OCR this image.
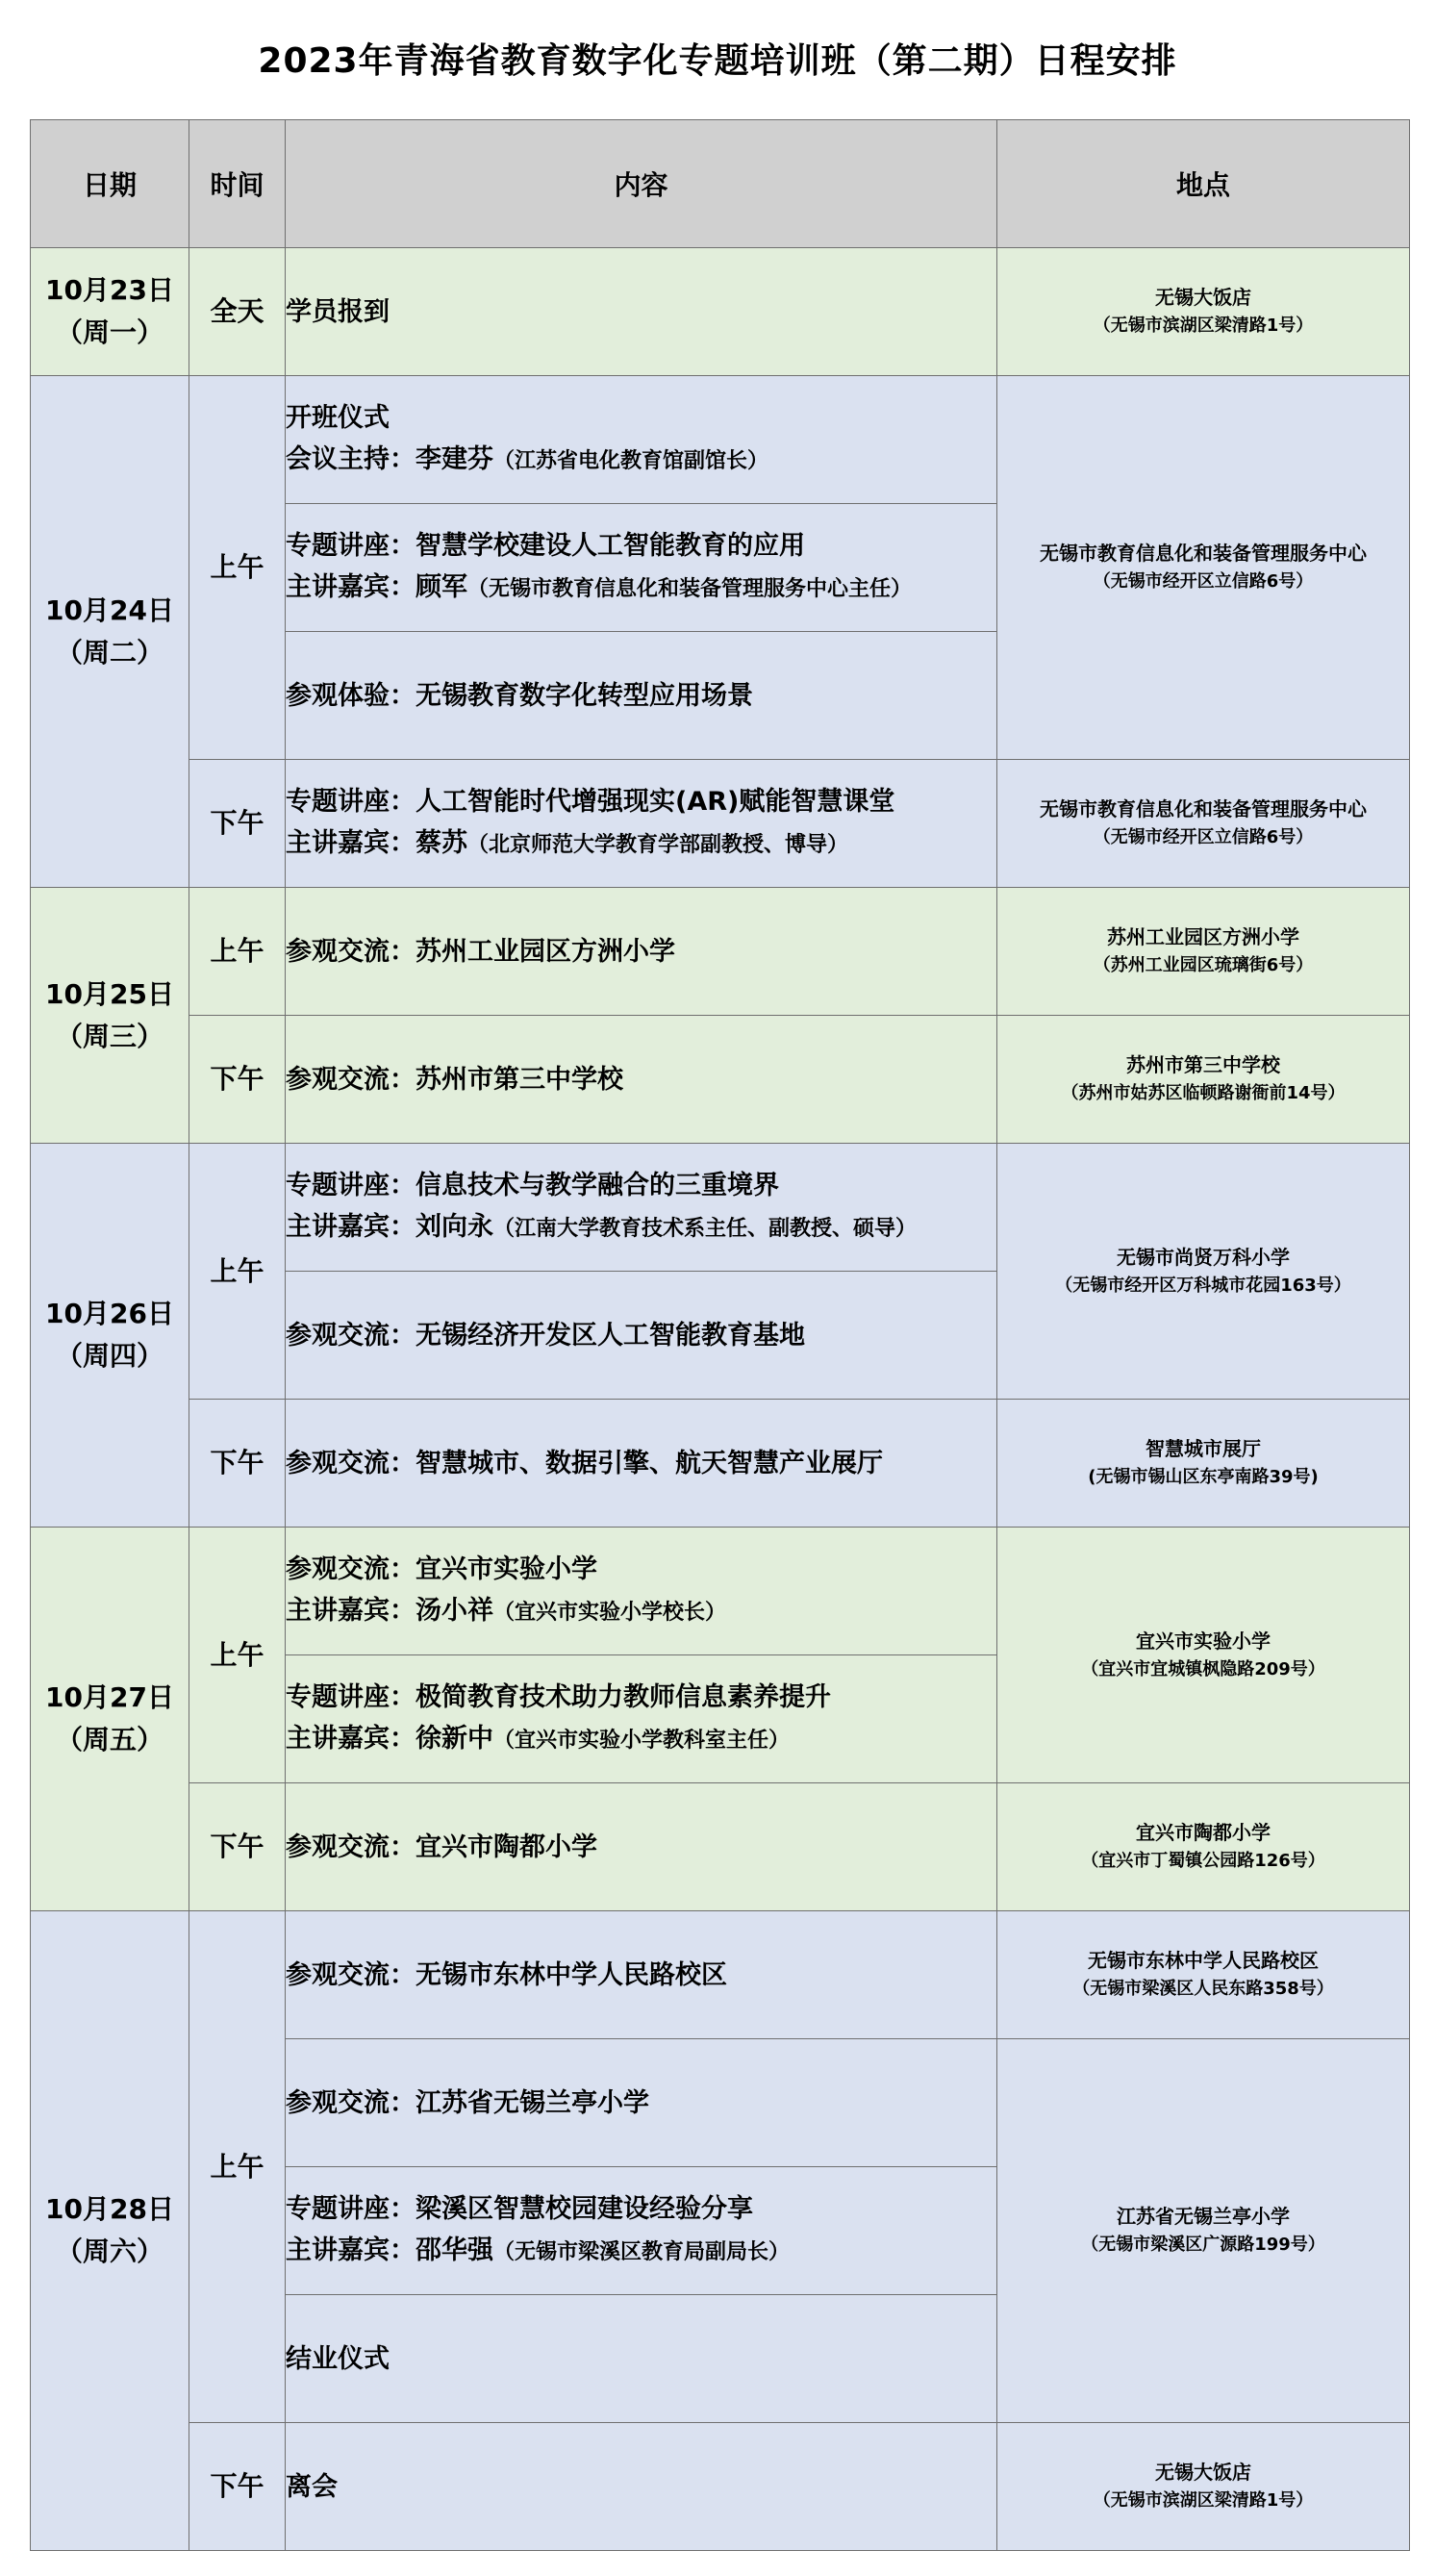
2023年青海省教育数字化专题培训班（第二期）日程安排
日期	时间	内容	地点

10月23日
（周一）	全天	学员报到	无锡大饭店
（无锡市滨湖区梁清路1号）

10月24日
（周二）	上午	开班仪式
会议主持：李建芬（江苏省电化教育馆副馆长）	无锡市教育信息化和装备管理服务中心
（无锡市经开区立信路6号）

		专题讲座：智慧学校建设人工智能教育的应用
主讲嘉宾：顾军（无锡市教育信息化和装备管理服务中心主任）	

		参观体验：无锡教育数字化转型应用场景	

	下午	专题讲座：人工智能时代增强现实(AR)赋能智慧课堂
主讲嘉宾：蔡苏（北京师范大学教育学部副教授、博导）	无锡市教育信息化和装备管理服务中心
（无锡市经开区立信路6号）

10月25日
（周三）	上午	参观交流：苏州工业园区方洲小学	苏州工业园区方洲小学
（苏州工业园区琉璃街6号）

	下午	参观交流：苏州市第三中学校	苏州市第三中学校
（苏州市姑苏区临顿路谢衙前14号）

10月26日
（周四）	上午	专题讲座：信息技术与教学融合的三重境界
主讲嘉宾：刘向永（江南大学教育技术系主任、副教授、硕导）	无锡市尚贤万科小学
（无锡市经开区万科城市花园163号）

		参观交流：无锡经济开发区人工智能教育基地	

	下午	参观交流：智慧城市、数据引擎、航天智慧产业展厅	智慧城市展厅
(无锡市锡山区东亭南路39号)

10月27日
（周五）	上午	参观交流：宜兴市实验小学
主讲嘉宾：汤小祥（宜兴市实验小学校长）	宜兴市实验小学
（宜兴市宜城镇枫隐路209号）

		专题讲座：极简教育技术助力教师信息素养提升
主讲嘉宾：徐新中（宜兴市实验小学教科室主任）	

	下午	参观交流：宜兴市陶都小学	宜兴市陶都小学
（宜兴市丁蜀镇公园路126号）

10月28日
（周六）	上午	参观交流：无锡市东林中学人民路校区	无锡市东林中学人民路校区
（无锡市梁溪区人民东路358号）

		参观交流：江苏省无锡兰亭小学	江苏省无锡兰亭小学
（无锡市梁溪区广源路199号）

		专题讲座：梁溪区智慧校园建设经验分享
主讲嘉宾：邵华强（无锡市梁溪区教育局副局长）	

		结业仪式	

	下午	离会	无锡大饭店
（无锡市滨湖区梁清路1号）
